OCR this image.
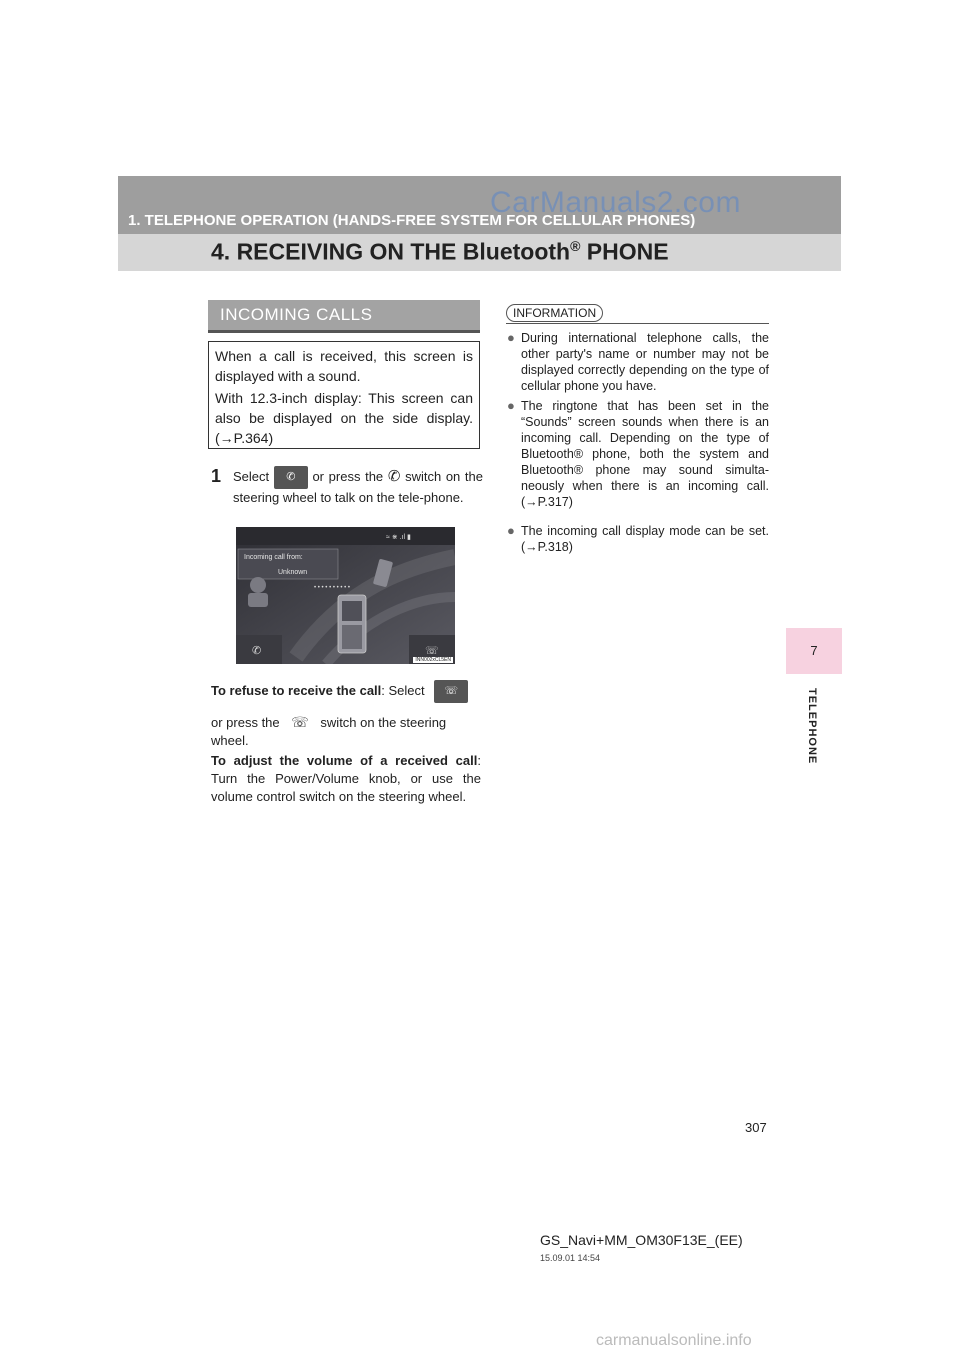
1. TELEPHONE OPERATION (HANDS-FREE SYSTEM FOR CELLULAR PHONES)
CarManuals2.com
4. RECEIVING ON THE Bluetooth® PHONE
7
TELEPHONE
INCOMING CALLS

When a call is received, this screen is displayed with a sound.

With 12.3-inch display: This screen can also be displayed on the side display. (→P.364)

1 Select ✆ or press the ✆ switch on the steering wheel to talk on the tele-phone.
• • • • • • • • • •
≈ ⋇ .ıl ▮
✆	☏
Incoming call from:
Unknown
INN002xCL5EN
To refuse to receive the call: Select ☏
or press the ☏ switch on the steering wheel.
To adjust the volume of a received call: Turn the Power/Volume knob, or use the volume control switch on the steering wheel.
INFORMATION
● During international telephone calls, the other party's name or number may not be displayed correctly depending on the type of cellular phone you have.
● The ringtone that has been set in the “Sounds” screen sounds when there is an incoming call. Depending on the type of Bluetooth® phone, both the system and Bluetooth® phone may sound simulta-neously when there is an incoming call. (→P.317)
● The incoming call display mode can be set. (→P.318)
307
GS_Navi+MM_OM30F13E_(EE)
15.09.01 14:54
carmanualsonline.info
